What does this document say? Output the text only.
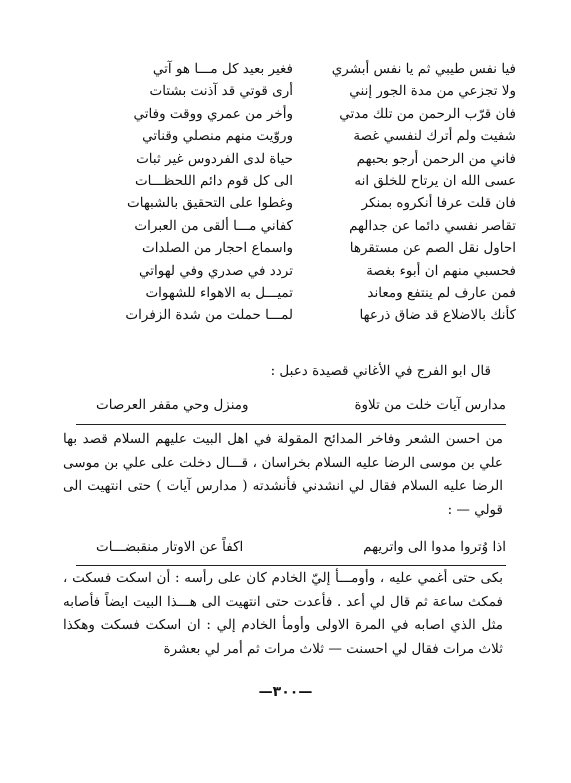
فيا نفس طيبي ثم يا نفس أبشري
فغير بعيد كل مـــا هو آتي
ولا تجزعي من مدة الجور إنني
أرى قوتي قد آذنت بشتات
فان قرّب الرحمن من تلك مدتي
وأخر من عمري ووقت وفاتي
شفيت ولم أترك لنفسي غصة
وروّيت منهم منصلي وقناتي
فاني من الرحمن أرجو بحبهم
حياة لدى الفردوس غير ثبات
عسى الله ان يرتاح للخلق انه
الى كل قوم دائم اللحظـــات
فان قلت عرفا أنكروه بمنكر
وغطوا على التحقيق بالشبهات
تقاصر نفسي دائما عن جدالهم
كفاني مـــا ألقى من العبرات
احاول نقل الصم عن مستقرها
واسماع احجار من الصلدات
فحسبي منهم ان أبوء بغصة
تردد في صدري وفي لهواتي
فمن عارف لم ينتفع ومعاند
تميـــل به الاهواء للشهوات
كأنك بالاضلاع قد ضاق ذرعها
لمـــا حملت من شدة الزفرات
قال ابو الفرج في الأغاني قصيدة دعبل :
مدارس آيات خلت من تلاوة
ومنزل وحي مقفر العرصات

من احسن الشعر وفاخر المدائح المقولة في اهل البيت عليهم السلام قصد بها علي بن موسى الرضا عليه السلام بخراسان ، قـــال دخلت على علي بن موسى الرضا عليه السلام فقال لي انشدني فأنشدته ( مدارس آيات ) حتى انتهيت الى قولي — :

اذا وُتروا مدوا الى واتريهم
اكفاً عن الاوتار منقبضـــات

بكى حتى أغمي عليه ، وأومـــأ إليّ الخادم كان على رأسه : أن اسكت فسكت ، فمكث ساعة ثم قال لي أعد . فأعدت حتى انتهيت الى هـــذا البيت ايضاً فأصابه مثل الذي اصابه في المرة الاولى وأومأ الخادم إلي : ان اسكت فسكت وهكذا ثلاث مرات فقال لي احسنت — ثلاث مرات ثم أمر لي بعشرة

—٣٠٠—
